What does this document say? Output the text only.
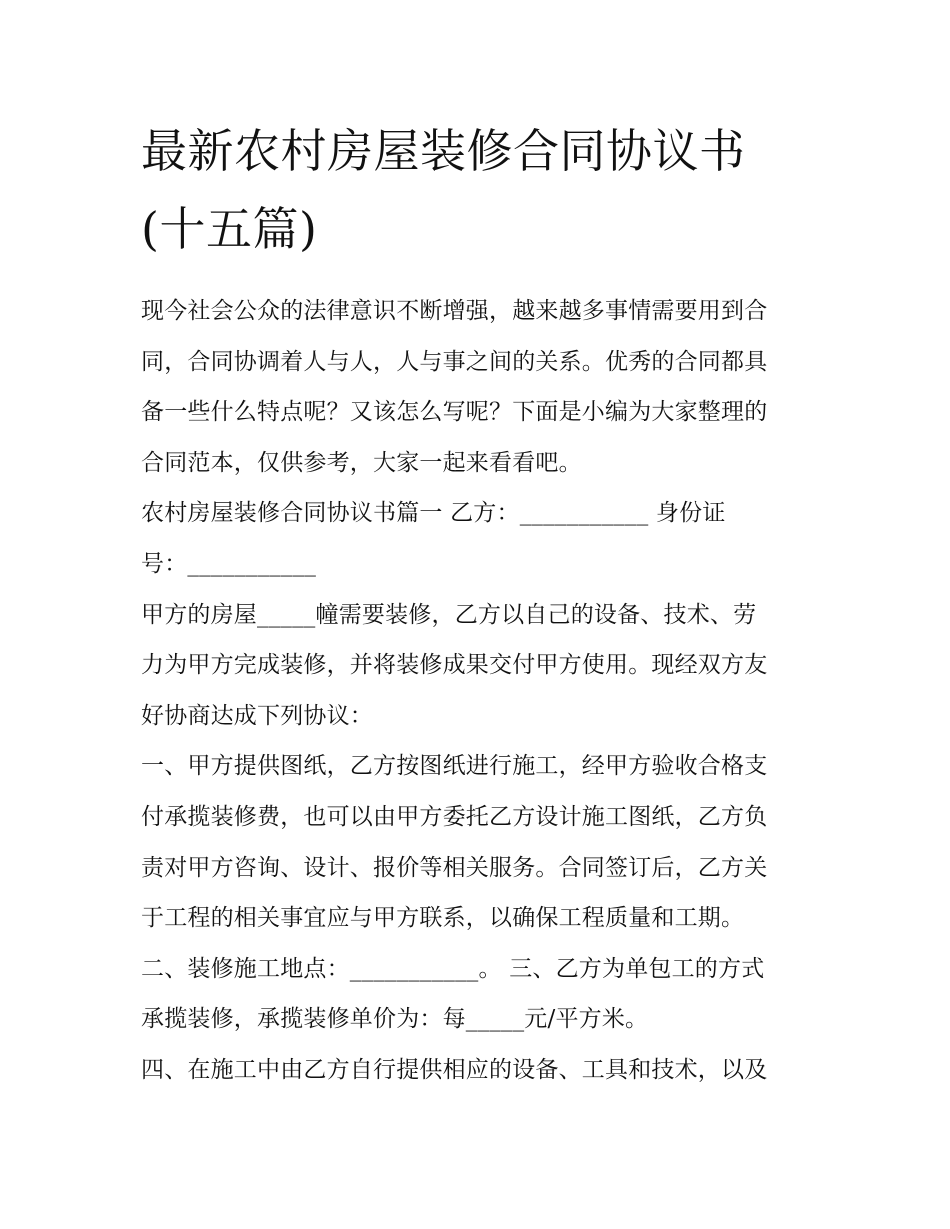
最新农村房屋装修合同协议书
(十五篇)
现今社会公众的法律意识不断增强，越来越多事情需要用到合
同，合同协调着人与人，人与事之间的关系。优秀的合同都具
备一些什么特点呢？又该怎么写呢？下面是小编为大家整理的
合同范本，仅供参考，大家一起来看看吧。
农村房屋装修合同协议书篇一 乙方：___________ 身份证
号：___________
甲方的房屋_____幢需要装修，乙方以自己的设备、技术、劳
力为甲方完成装修，并将装修成果交付甲方使用。现经双方友
好协商达成下列协议：
一、甲方提供图纸，乙方按图纸进行施工，经甲方验收合格支
付承揽装修费，也可以由甲方委托乙方设计施工图纸，乙方负
责对甲方咨询、设计、报价等相关服务。合同签订后，乙方关
于工程的相关事宜应与甲方联系，以确保工程质量和工期。
二、装修施工地点：___________。 三、乙方为单包工的方式
承揽装修，承揽装修单价为：每_____元/平方米。
四、在施工中由乙方自行提供相应的设备、工具和技术，以及
